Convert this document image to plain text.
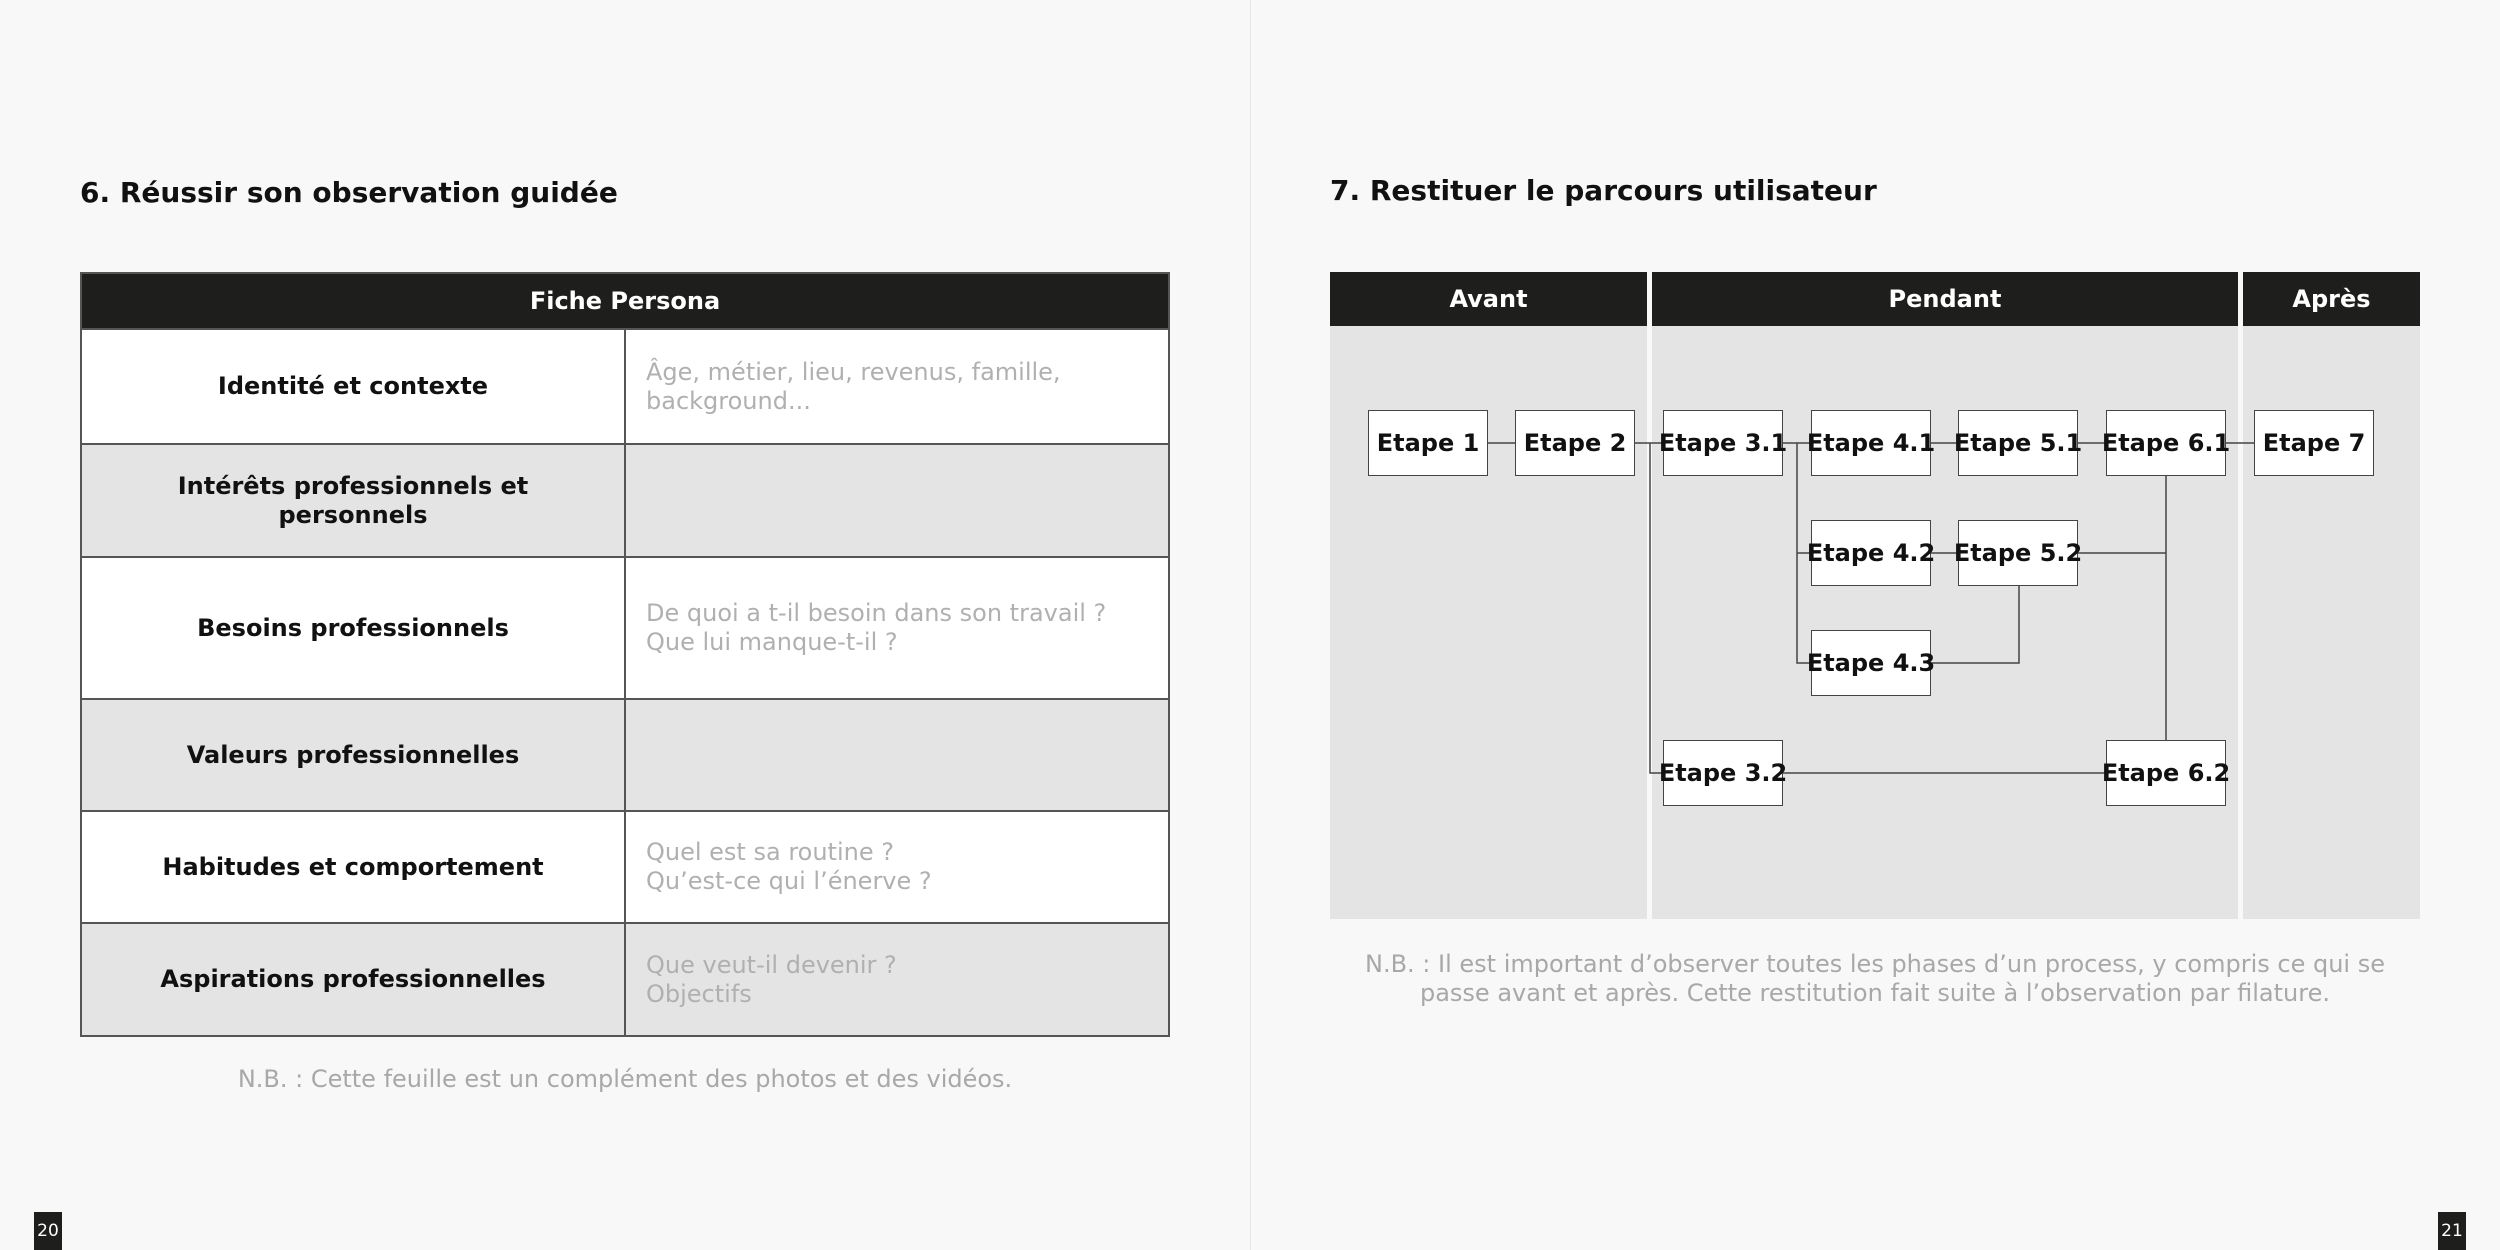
6. Réussir son observation guidée
Fiche Persona	
Identité et contexte	Âge, métier, lieu, revenus, famille, background...
Intérêts professionnels et personnels	
Besoins professionnels	De quoi a t-il besoin dans son travail ?
Que lui manque-t-il ?
Valeurs professionnelles	
Habitudes et comportement	Quel est sa routine ?
Qu’est-ce qui l’énerve ?
Aspirations professionnelles	Que veut-il devenir ?
Objectifs
N.B. : Cette feuille est un complément des photos et des vidéos.
20
7. Restituer le parcours utilisateur
Avant	Pendant	Après
Etape 1	Etape 2	Etape 3.1 Etape 4.1 Etape 5.1 Etape 6.1	Etape 7
Etape 4.2 Etape 5.2
Etape 4.3
Etape 3.2	Etape 6.2
N.B. : Il est important d’observer toutes les phases d’un process, y compris ce qui se passe avant et après. Cette restitution fait suite à l’observation par filature.
21
